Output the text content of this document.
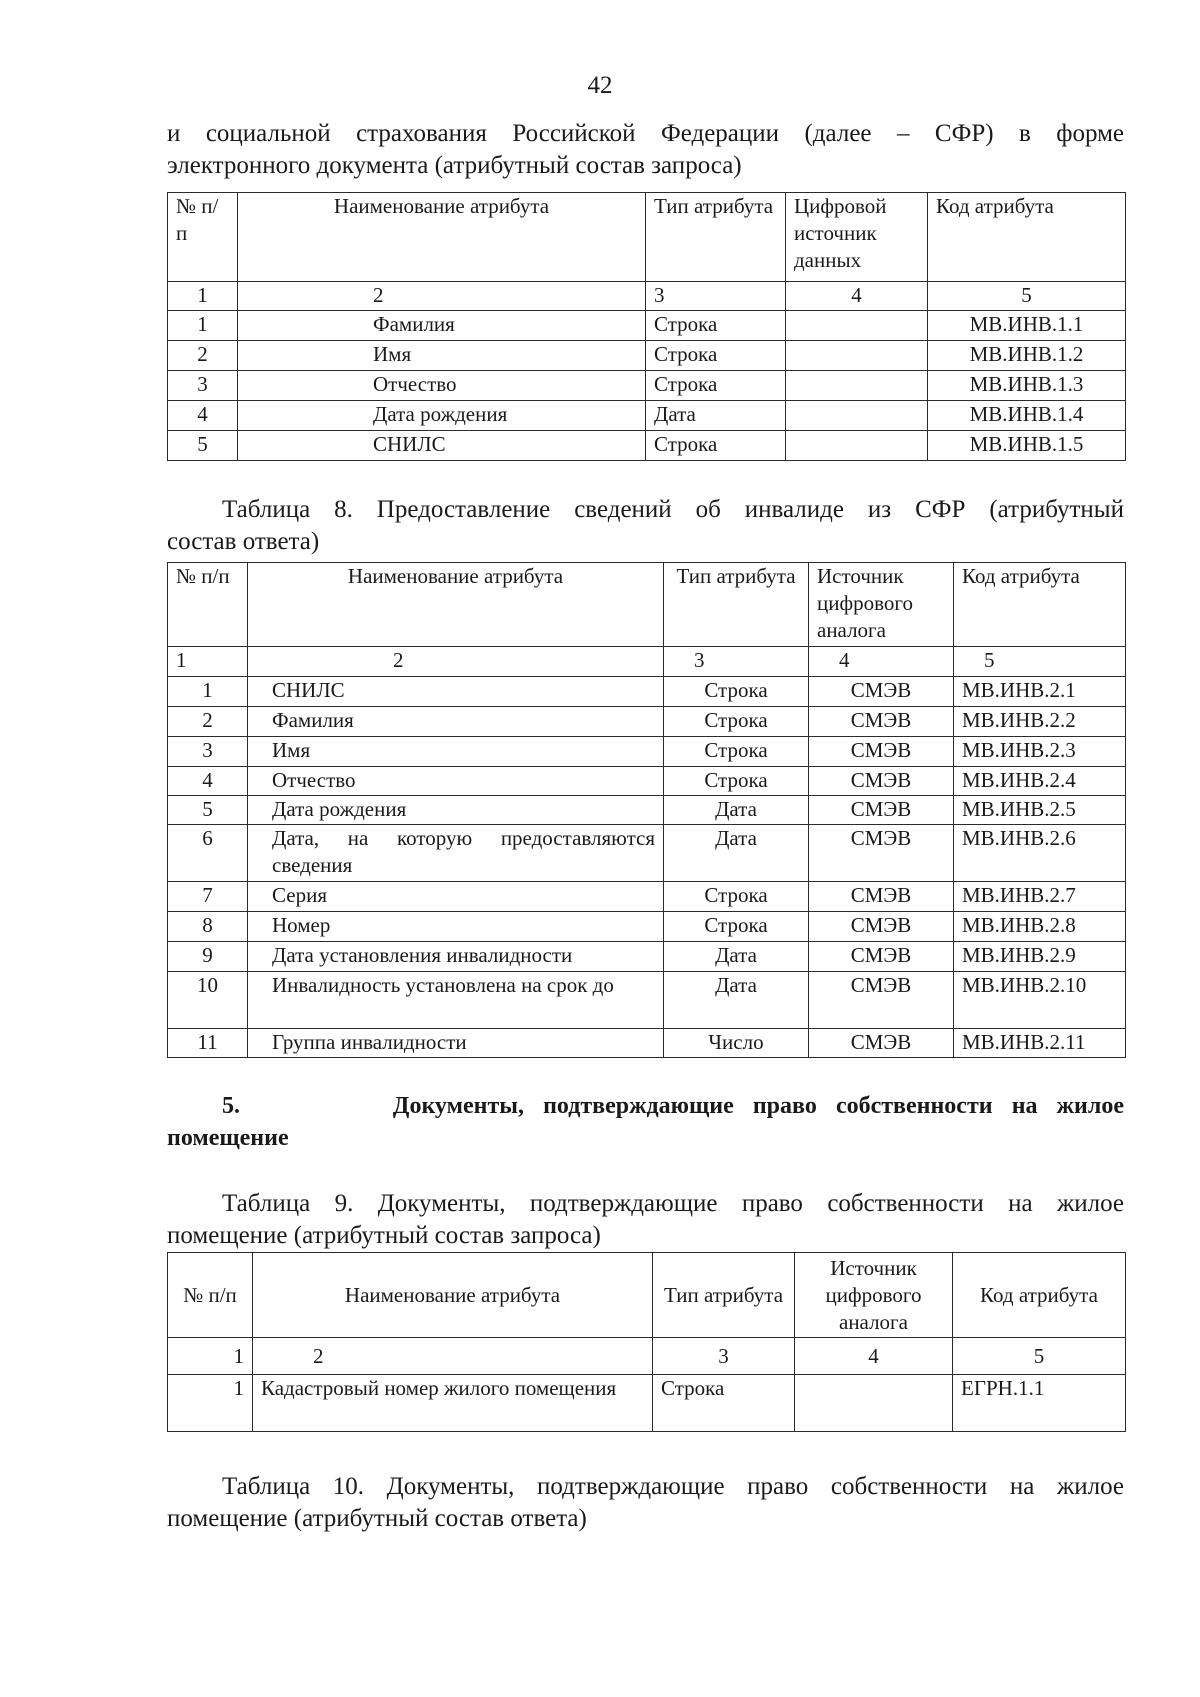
42
и социальной страхования Российской Федерации (далее – СФР) в форме
электронного документа (атрибутный состав запроса)
№ п/п	Наименование атрибута	Тип атрибута	Цифровой источник данных	Код атрибута
1	2	3	4	5
1	Фамилия	Строка		МВ.ИНВ.1.1
2	Имя	Строка		МВ.ИНВ.1.2
3	Отчество	Строка		МВ.ИНВ.1.3
4	Дата рождения	Дата		МВ.ИНВ.1.4
5	СНИЛС	Строка		МВ.ИНВ.1.5
Таблица 8. Предоставление сведений об инвалиде из СФР (атрибутный
состав ответа)
№ п/п	Наименование атрибута	Тип атрибута	Источник цифрового аналога	Код атрибута
1	2	3	4	5
1	СНИЛС	Строка	СМЭВ	МВ.ИНВ.2.1
2	Фамилия	Строка	СМЭВ	МВ.ИНВ.2.2
3	Имя	Строка	СМЭВ	МВ.ИНВ.2.3
4	Отчество	Строка	СМЭВ	МВ.ИНВ.2.4
5	Дата рождения	Дата	СМЭВ	МВ.ИНВ.2.5
6	Дата, на которую предоставляются сведения	Дата	СМЭВ	МВ.ИНВ.2.6
7	Серия	Строка	СМЭВ	МВ.ИНВ.2.7
8	Номер	Строка	СМЭВ	МВ.ИНВ.2.8
9	Дата установления инвалидности	Дата	СМЭВ	МВ.ИНВ.2.9
10	Инвалидность установлена на срок до	Дата	СМЭВ	МВ.ИНВ.2.10
11	Группа инвалидности	Число	СМЭВ	МВ.ИНВ.2.11
5.        Документы, подтверждающие право собственности на жилое
помещение
Таблица 9. Документы, подтверждающие право собственности на жилое
помещение (атрибутный состав запроса)
№ п/п	Наименование атрибута	Тип атрибута	Источник цифрового аналога	Код атрибута
1	2	3	4	5
1	Кадастровый номер жилого помещения	Строка		ЕГРН.1.1
Таблица 10. Документы, подтверждающие право собственности на жилое
помещение (атрибутный состав ответа)
